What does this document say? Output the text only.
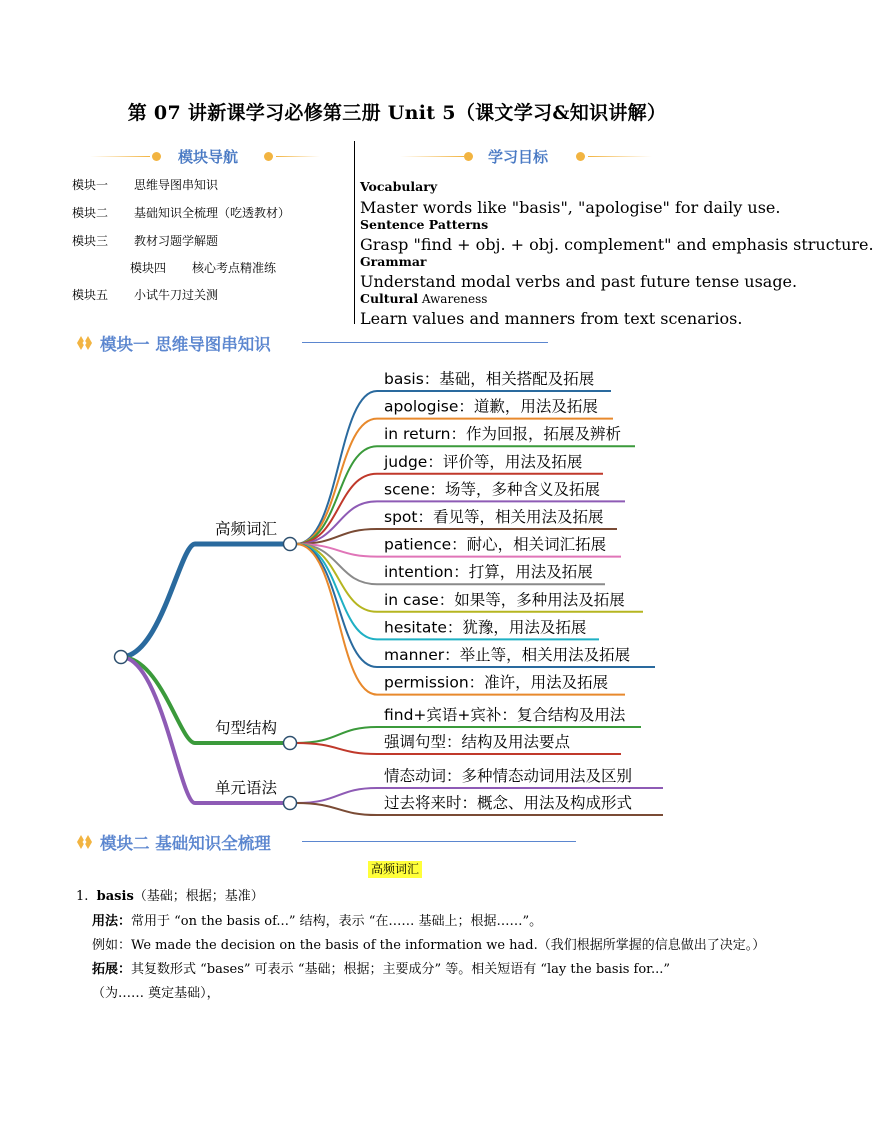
第 07 讲新课学习必修第三册 Unit 5（课文学习&知识讲解）
模块导航	学习目标
模块一 思维导图串知识
模块二 基础知识全梳理（吃透教材）
模块三 教材习题学解题
模块四 核心考点精准练
模块五 小试牛刀过关测
Vocabulary
Master words like "basis", "apologise" for daily use.
Sentence Patterns
Grasp "find + obj. + obj. complement" and emphasis structure.
Grammar
Understand modal verbs and past future tense usage.
Cultural Awareness
Learn values and manners from text scenarios.
模块一 思维导图串知识
高频词汇
basis：基础，相关搭配及拓展
apologise：道歉，用法及拓展
in return：作为回报，拓展及辨析
judge：评价等，用法及拓展
scene：场等，多种含义及拓展
spot：看见等，相关用法及拓展
patience：耐心，相关词汇拓展
intention：打算，用法及拓展
in case：如果等，多种用法及拓展
hesitate：犹豫，用法及拓展
manner：举止等，相关用法及拓展
permission：准许，用法及拓展
句型结构
find+宾语+宾补：复合结构及用法
强调句型：结构及用法要点
单元语法
情态动词：多种情态动词用法及区别
过去将来时：概念、用法及构成形式
模块二 基础知识全梳理
高频词汇
1. basis（基础；根据；基准）
用法：常用于 “on the basis of...” 结构，表示 “在…… 基础上；根据……”。
例如：We made the decision on the basis of the information we had.（我们根据所掌握的信息做出了决定。）
拓展：其复数形式 “bases” 可表示 “基础；根据；主要成分” 等。相关短语有 “lay the basis for...”
（为…… 奠定基础），
